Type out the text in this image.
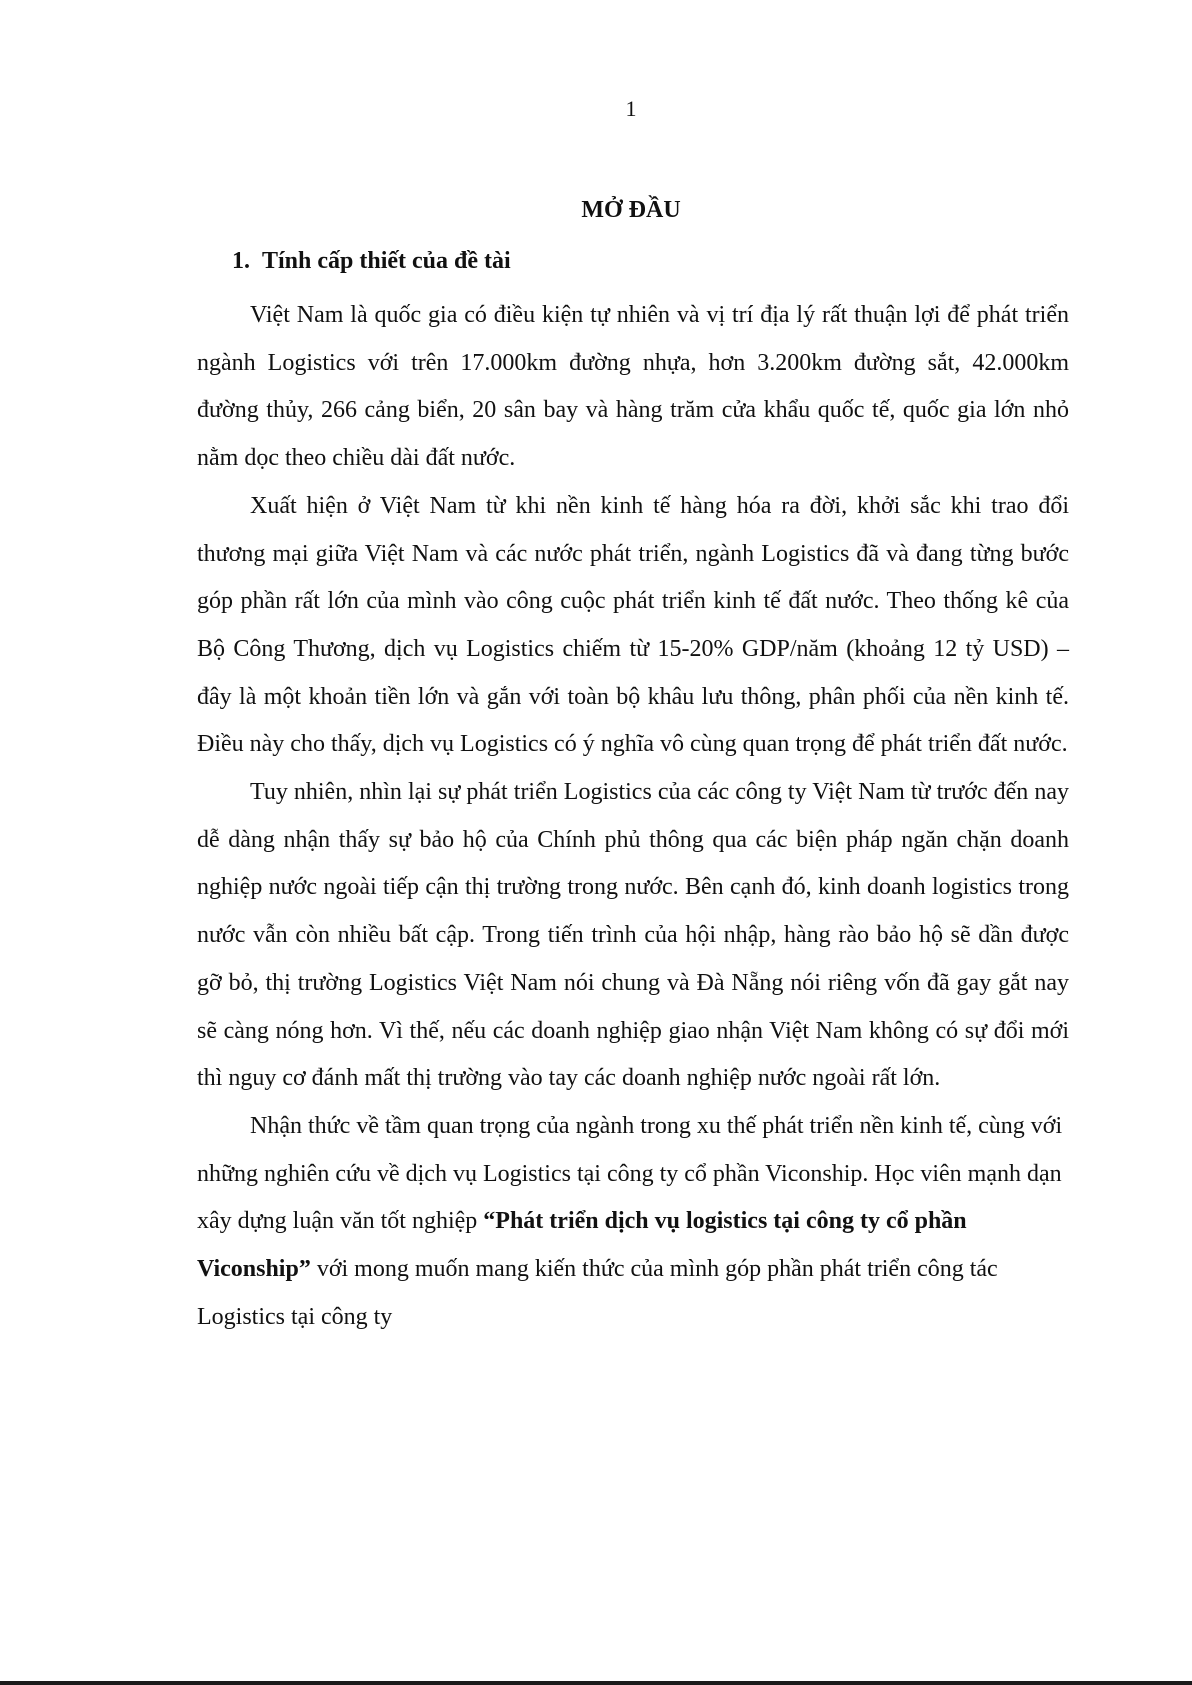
1
MỞ ĐẦU
1. Tính cấp thiết của đề tài

Việt Nam là quốc gia có điều kiện tự nhiên và vị trí địa lý rất thuận lợi để phát triển ngành Logistics với trên 17.000km đường nhựa, hơn 3.200km đường sắt, 42.000km đường thủy, 266 cảng biển, 20 sân bay và hàng trăm cửa khẩu quốc tế, quốc gia lớn nhỏ nằm dọc theo chiều dài đất nước.

Xuất hiện ở Việt Nam từ khi nền kinh tế hàng hóa ra đời, khởi sắc khi trao đổi thương mại giữa Việt Nam và các nước phát triển, ngành Logistics đã và đang từng bước góp phần rất lớn của mình vào công cuộc phát triển kinh tế đất nước. Theo thống kê của Bộ Công Thương, dịch vụ Logistics chiếm từ 15-20% GDP/năm (khoảng 12 tỷ USD) – đây là một khoản tiền lớn và gắn với toàn bộ khâu lưu thông, phân phối của nền kinh tế. Điều này cho thấy, dịch vụ Logistics có ý nghĩa vô cùng quan trọng để phát triển đất nước.

Tuy nhiên, nhìn lại sự phát triển Logistics của các công ty Việt Nam từ trước đến nay dễ dàng nhận thấy sự bảo hộ của Chính phủ thông qua các biện pháp ngăn chặn doanh nghiệp nước ngoài tiếp cận thị trường trong nước. Bên cạnh đó, kinh doanh logistics trong nước vẫn còn nhiều bất cập. Trong tiến trình của hội nhập, hàng rào bảo hộ sẽ dần được gỡ bỏ, thị trường Logistics Việt Nam nói chung và Đà Nẵng nói riêng vốn đã gay gắt nay sẽ càng nóng hơn. Vì thế, nếu các doanh nghiệp giao nhận Việt Nam không có sự đổi mới thì nguy cơ đánh mất thị trường vào tay các doanh nghiệp nước ngoài rất lớn.

Nhận thức về tầm quan trọng của ngành trong xu thế phát triển nền kinh tế, cùng với những nghiên cứu về dịch vụ Logistics tại công ty cổ phần Viconship. Học viên mạnh dạn xây dựng luận văn tốt nghiệp “Phát triển dịch vụ logistics tại công ty cổ phần Viconship” với mong muốn mang kiến thức của mình góp phần phát triển công tác Logistics tại công ty
